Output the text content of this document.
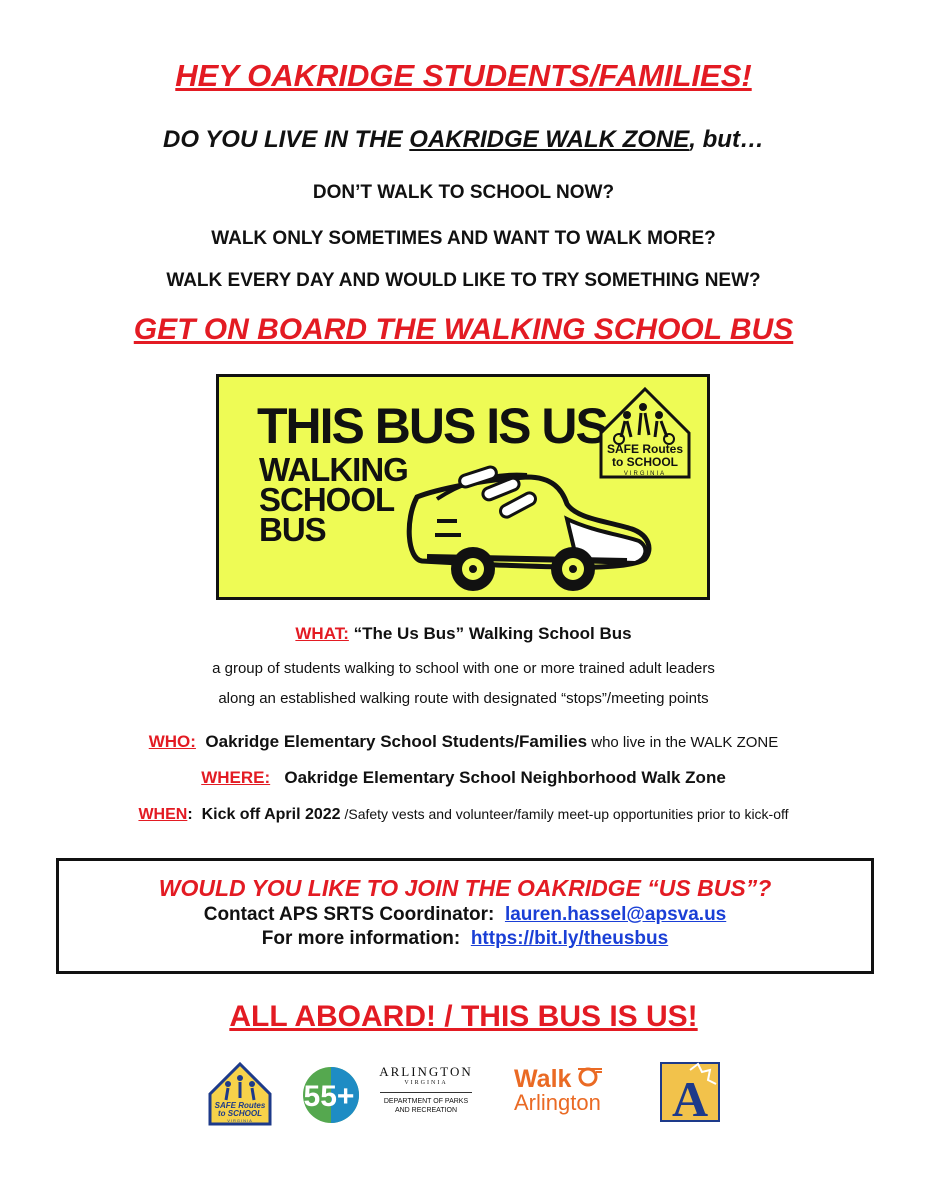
HEY OAKRIDGE STUDENTS/FAMILIES!
DO YOU LIVE IN THE OAKRIDGE WALK ZONE, but…
DON’T WALK TO SCHOOL NOW?
WALK ONLY SOMETIMES AND WANT TO WALK MORE?
WALK EVERY DAY AND WOULD LIKE TO TRY SOMETHING NEW?
GET ON BOARD THE WALKING SCHOOL BUS
THIS BUS IS US
WALKING
SCHOOL
BUS
SAFE Routes
to SCHOOL
VIRGINIA
WHAT: “The Us Bus” Walking School Bus
a group of students walking to school with one or more trained adult leaders
along an established walking route with designated “stops”/meeting points
WHO: Oakridge Elementary School Students/Families who live in the WALK ZONE
WHERE: Oakridge Elementary School Neighborhood Walk Zone
WHEN: Kick off April 2022 /Safety vests and volunteer/family meet-up opportunities prior to kick-off
WOULD YOU LIKE TO JOIN THE OAKRIDGE “US BUS”?
Contact APS SRTS Coordinator: lauren.hassel@apsva.us
For more information: https://bit.ly/theusbus
ALL ABOARD! / THIS BUS IS US!
SAFE Routes
to SCHOOL
VIRGINIA
55+
ARLINGTON
VIRGINIA
DEPARTMENT OF PARKS
AND RECREATION
Walk
Arlington	A
